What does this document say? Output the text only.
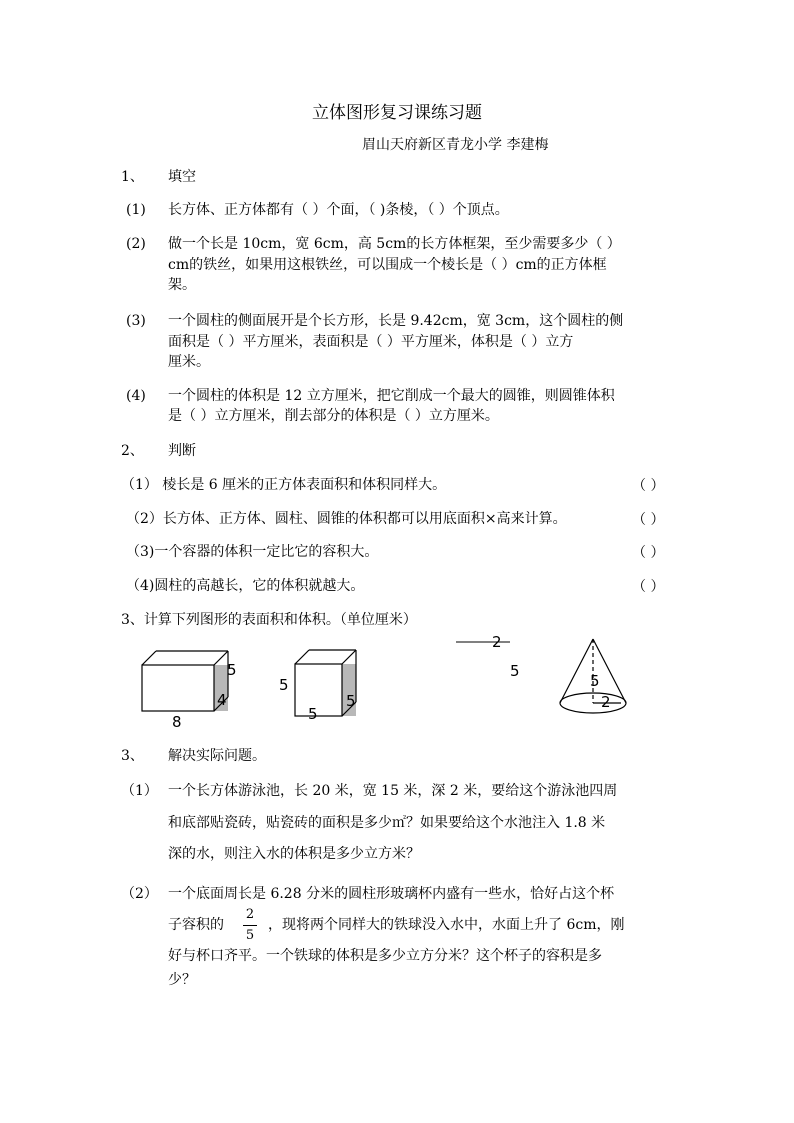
立体图形复习课练习题
眉山天府新区青龙小学 李建梅
1、 填空
(1) 长方体、正方体都有（ ）个面，（ )条棱，（ ）个顶点。
(2) 做一个长是 10cm，宽 6cm，高 5cm的长方体框架，至少需要多少（ ）
cm的铁丝，如果用这根铁丝，可以围成一个棱长是（ ）cm的正方体框
架。
(3) 一个圆柱的侧面展开是个长方形，长是 9.42cm，宽 3cm，这个圆柱的侧
面积是（ ）平方厘米，表面积是（ ）平方厘米，体积是（ ）立方
厘米。
(4) 一个圆柱的体积是 12 立方厘米，把它削成一个最大的圆锥，则圆锥体积
是（ ）立方厘米，削去部分的体积是（ ）立方厘米。
2、 判断
（1） 棱长是 6 厘米的正方体表面积和体积同样大。	（ ）
（2）长方体、正方体、圆柱、圆锥的体积都可以用底面积×高来计算。	（ ）
（3)一个容器的体积一定比它的容积大。	（ ）
（4)圆柱的高越长，它的体积就越大。	（ ）
3、计算下列图形的表面积和体积。（单位厘米）
5
4
8
5
5
5
2
5
5
2
3、 解决实际问题。
（1） 一个长方体游泳池，长 20 米，宽 15 米，深 2 米，要给这个游泳池四周
和底部贴瓷砖，贴瓷砖的面积是多少㎡？如果要给这个水池注入 1.8 米
深的水，则注入水的体积是多少立方米？
（2） 一个底面周长是 6.28 分米的圆柱形玻璃杯内盛有一些水，恰好占这个杯
子容积的
2
5
，现将两个同样大的铁球没入水中，水面上升了 6cm，刚
好与杯口齐平。一个铁球的体积是多少立方分米？这个杯子的容积是多
少？
